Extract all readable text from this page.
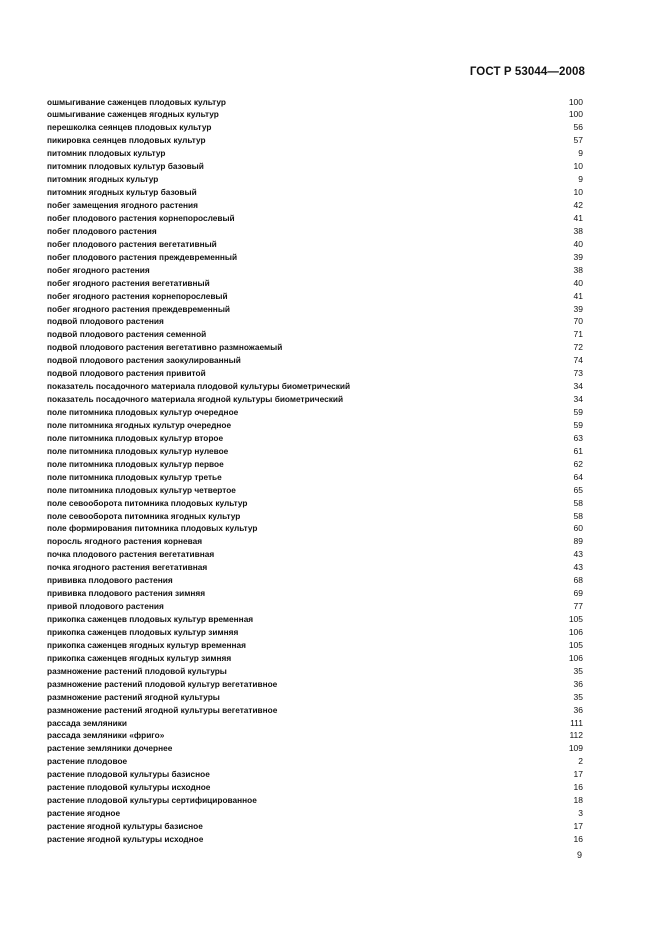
ГОСТ Р 53044—2008
ошмыгивание саженцев плодовых культур	100
ошмыгивание саженцев ягодных культур	100
перешколка сеянцев плодовых культур	56
пикировка сеянцев плодовых культур	57
питомник плодовых культур	9
питомник плодовых культур базовый	10
питомник ягодных культур	9
питомник ягодных культур базовый	10
побег замещения ягодного растения	42
побег плодового растения корнепорослевый	41
побег плодового растения	38
побег плодового растения вегетативный	40
побег плодового растения преждевременный	39
побег ягодного растения	38
побег ягодного растения вегетативный	40
побег ягодного растения корнепорослевый	41
побег ягодного растения преждевременный	39
подвой плодового растения	70
подвой плодового растения семенной	71
подвой плодового растения вегетативно размножаемый	72
подвой плодового растения заокулированный	74
подвой плодового растения привитой	73
показатель посадочного материала плодовой культуры биометрический	34
показатель посадочного материала ягодной культуры биометрический	34
поле питомника плодовых культур очередное	59
поле питомника ягодных культур очередное	59
поле питомника плодовых культур второе	63
поле питомника плодовых культур нулевое	61
поле питомника плодовых культур первое	62
поле питомника плодовых культур третье	64
поле питомника плодовых культур четвертое	65
поле севооборота питомника плодовых культур	58
поле севооборота питомника ягодных культур	58
поле формирования питомника плодовых культур	60
поросль ягодного растения корневая	89
почка плодового растения вегетативная	43
почка ягодного растения вегетативная	43
прививка плодового растения	68
прививка плодового растения зимняя	69
привой плодового растения	77
прикопка саженцев плодовых культур временная	105
прикопка саженцев плодовых культур зимняя	106
прикопка саженцев ягодных культур временная	105
прикопка саженцев ягодных культур зимняя	106
размножение растений плодовой культуры	35
размножение растений плодовой культур вегетативное	36
размножение растений ягодной культуры	35
размножение растений ягодной культуры вегетативное	36
рассада земляники	111
рассада земляники «фриго»	112
растение земляники дочернее	109
растение плодовое	2
растение плодовой культуры базисное	17
растение плодовой культуры исходное	16
растение плодовой культуры сертифицированное	18
растение ягодное	3
растение ягодной культуры базисное	17
растение ягодной культуры исходное	16
9
